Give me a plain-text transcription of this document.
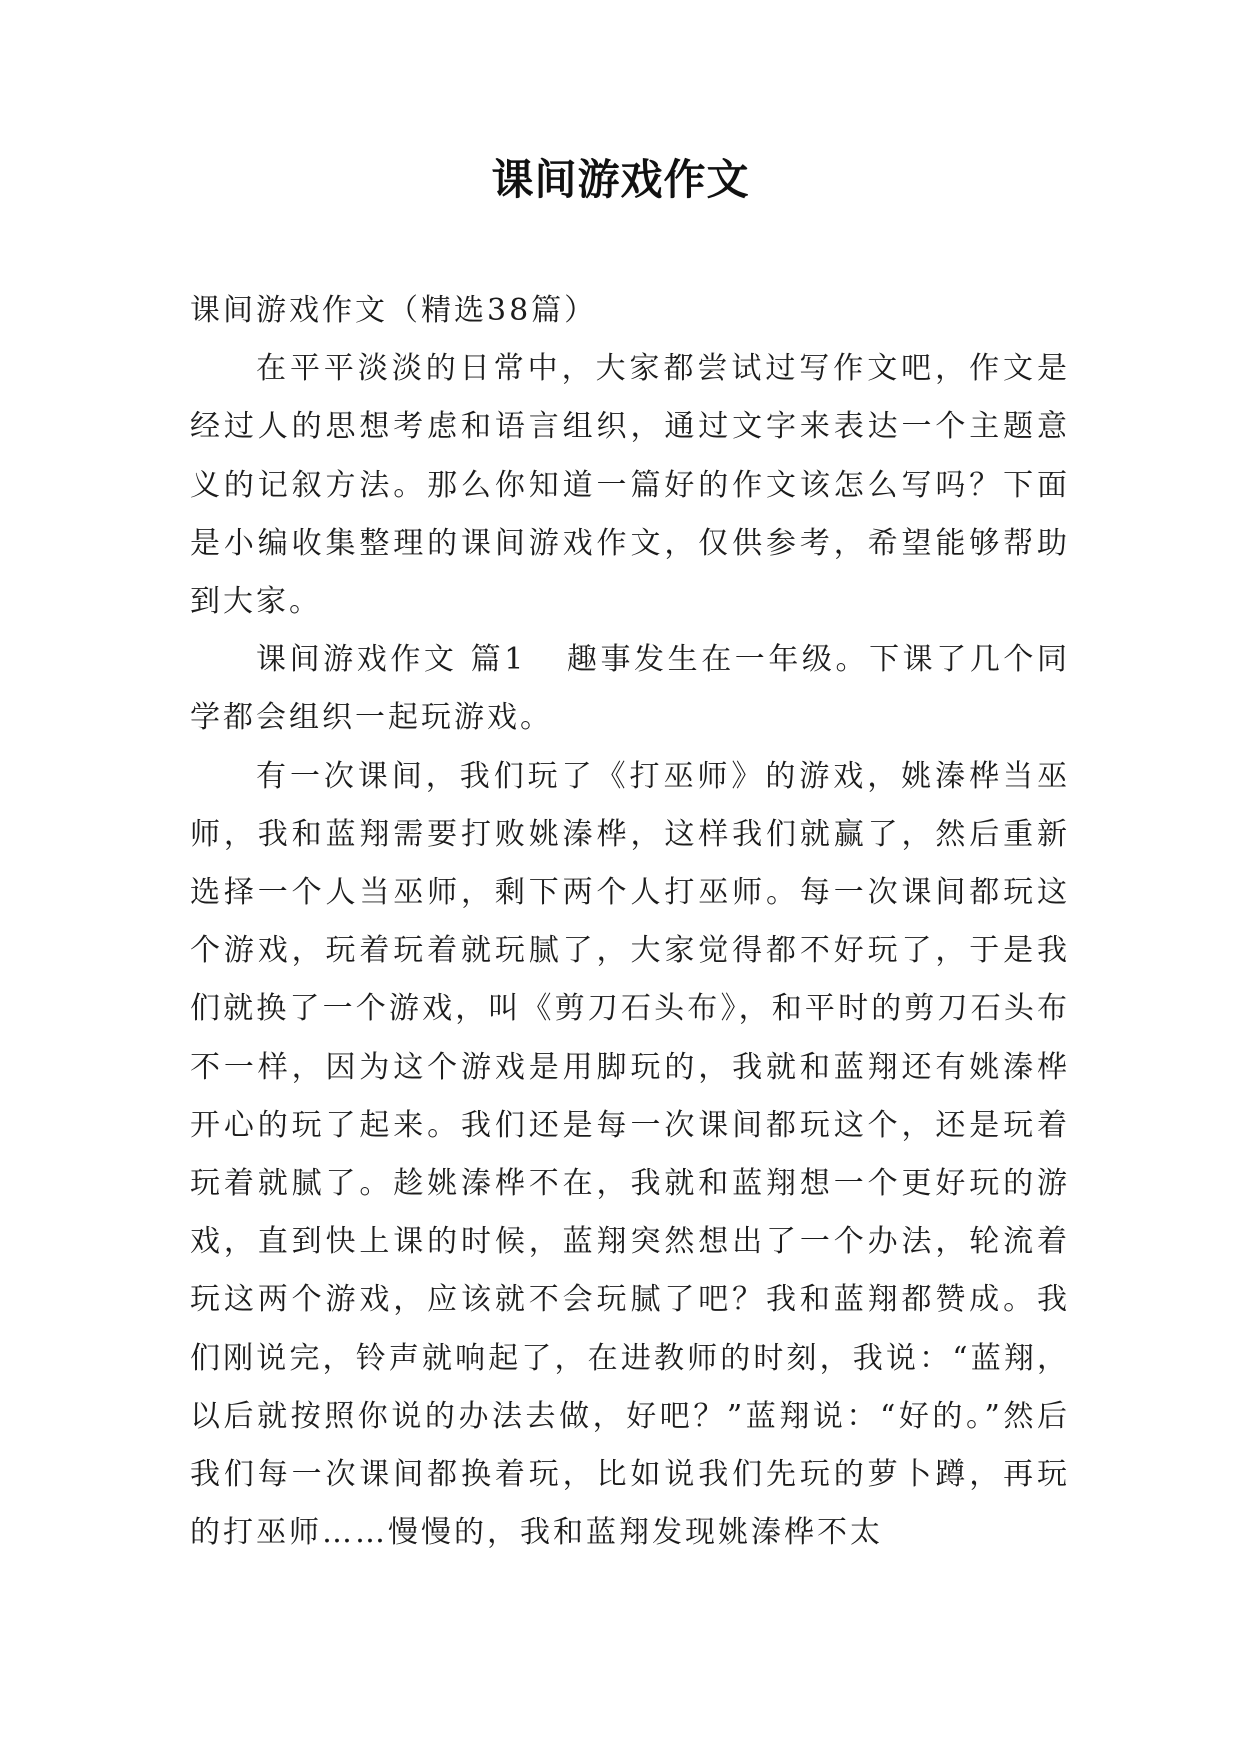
课间游戏作文

课间游戏作文（精选38篇）

在平平淡淡的日常中，大家都尝试过写作文吧，作文是经过人的思想考虑和语言组织，通过文字来表达一个主题意义的记叙方法。那么你知道一篇好的作文该怎么写吗？下面是小编收集整理的课间游戏作文，仅供参考，希望能够帮助到大家。

课间游戏作文 篇1 趣事发生在一年级。下课了几个同学都会组织一起玩游戏。

有一次课间，我们玩了《打巫师》的游戏，姚溱桦当巫师，我和蓝翔需要打败姚溱桦，这样我们就赢了，然后重新选择一个人当巫师，剩下两个人打巫师。每一次课间都玩这个游戏，玩着玩着就玩腻了，大家觉得都不好玩了，于是我们就换了一个游戏，叫《剪刀石头布》，和平时的剪刀石头布不一样，因为这个游戏是用脚玩的，我就和蓝翔还有姚溱桦开心的玩了起来。我们还是每一次课间都玩这个，还是玩着玩着就腻了。趁姚溱桦不在，我就和蓝翔想一个更好玩的游戏，直到快上课的时候，蓝翔突然想出了一个办法，轮流着玩这两个游戏，应该就不会玩腻了吧？我和蓝翔都赞成。我们刚说完，铃声就响起了，在进教师的时刻，我说：“蓝翔，以后就按照你说的办法去做，好吧？”蓝翔说：“好的。”然后我们每一次课间都换着玩，比如说我们先玩的萝卜蹲，再玩的打巫师……慢慢的，我和蓝翔发现姚溱桦不太
